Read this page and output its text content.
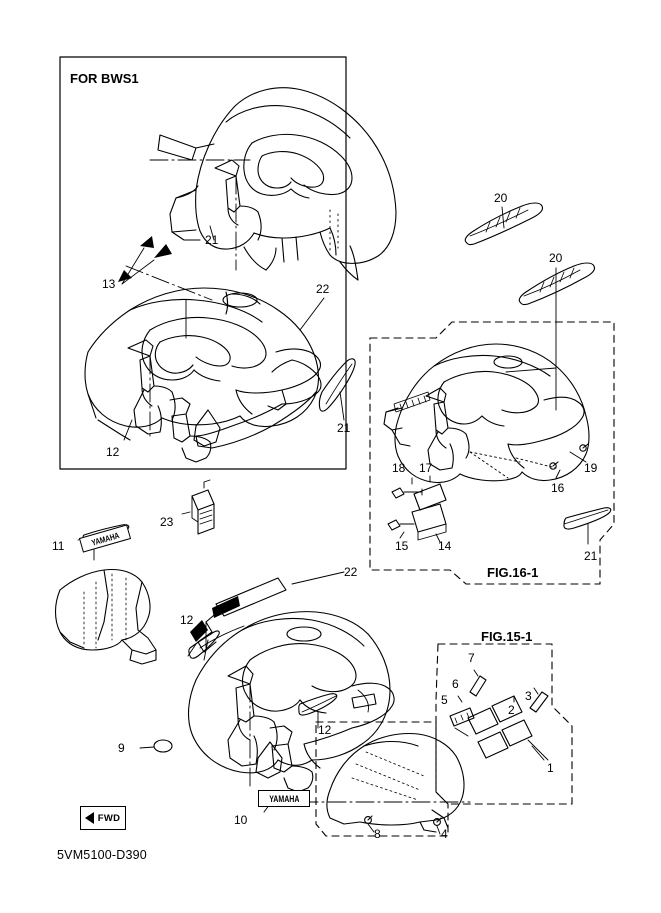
FOR BWS1
FIG.16-1
FIG.15-1
21
13	22
12
20
20
21
18 17	19
16
15 14
21
23
11
12
22
12
9
10
7
6
5	3
2
1
8	4
YAMAHA
YAMAHA
FWD
5VM5100-D390
